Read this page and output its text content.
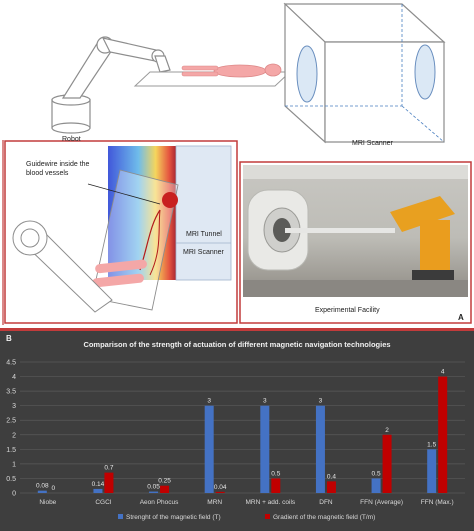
Robot
MRI Scanner
Guidewire inside the blood vessels
MRI Tunnel
MRI Scanner
Experimental Facility
A
Comparison of the strength of actuation of different magnetic navigation technologies
0
0.5
1
1.5
2
2.5
3
3.5
4
4.5
0.08 0
0.14
0.7
0.05
0.25
3
0.04
3
0.5
3
0.4	0.5
2
1.5
4
Niobe	CGCI	Aeon Phocus	MRN	MRN + add. coils	DFN	FFN (Average)	FFN (Max.)
Strenght of the magnetic field (T)	Gradient of the magnetic field (T/m)
B
